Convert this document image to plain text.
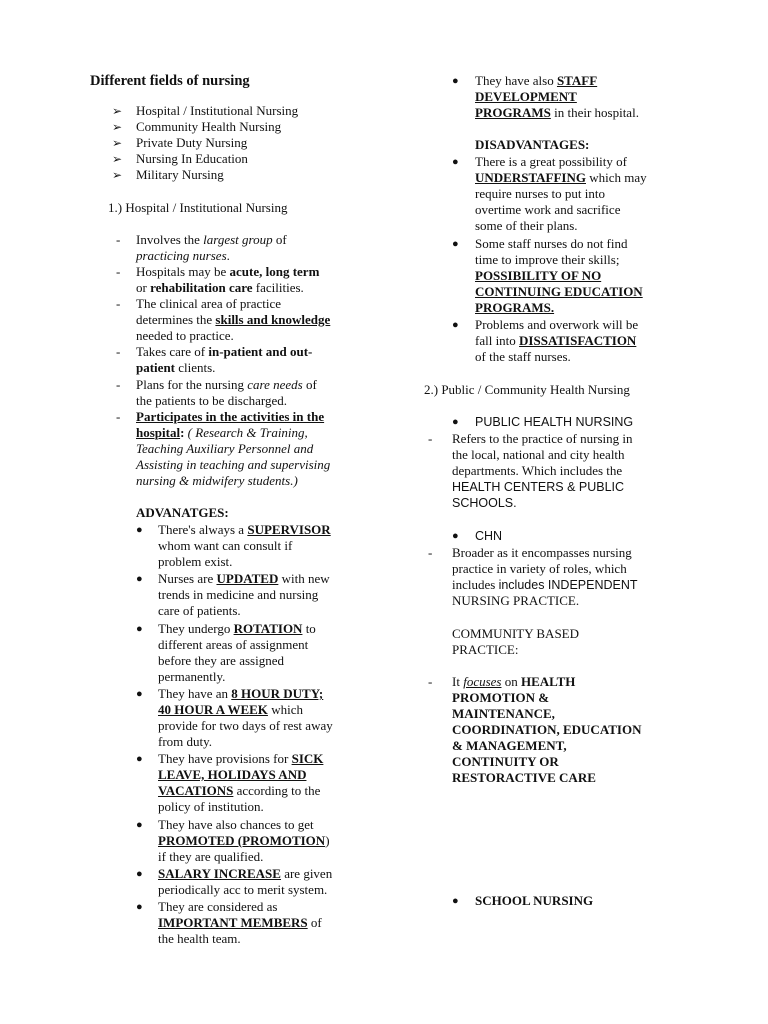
Different fields of nursing
➢ Hospital / Institutional Nursing
➢ Community Health Nursing
➢ Private Duty Nursing
➢ Nursing In Education
➢ Military Nursing
1.) Hospital / Institutional Nursing
- Involves the largest group of
practicing nurses.
- Hospitals may be acute, long term
or rehabilitation care facilities.
- The clinical area of practice
determines the skills and knowledge
needed to practice.
- Takes care of in-patient and out-
patient clients.
- Plans for the nursing care needs of
the patients to be discharged.
- Participates in the activities in the
hospital: ( Research & Training,
Teaching Auxiliary Personnel and
Assisting in teaching and supervising
nursing & midwifery students.)
ADVANATGES:
● There's always a SUPERVISOR
whom want can consult if
problem exist.
● Nurses are UPDATED with new
trends in medicine and nursing
care of patients.
● They undergo ROTATION to
different areas of assignment
before they are assigned
permanently.
● They have an 8 HOUR DUTY;
40 HOUR A WEEK which
provide for two days of rest away
from duty.
● They have provisions for SICK
LEAVE, HOLIDAYS AND
VACATIONS according to the
policy of institution.
● They have also chances to get
PROMOTED (PROMOTION)
if they are qualified.
● SALARY INCREASE are given
periodically acc to merit system.
● They are considered as
IMPORTANT MEMBERS of
the health team.
● They have also STAFF
DEVELOPMENT
PROGRAMS in their hospital.
DISADVANTAGES:
● There is a great possibility of
UNDERSTAFFING which may
require nurses to put into
overtime work and sacrifice
some of their plans.
● Some staff nurses do not find
time to improve their skills;
POSSIBILITY OF NO
CONTINUING EDUCATION
PROGRAMS.
● Problems and overwork will be
fall into DISSATISFACTION
of the staff nurses.
2.) Public / Community Health Nursing
● PUBLIC HEALTH NURSING
- Refers to the practice of nursing in
the local, national and city health
departments. Which includes the
HEALTH CENTERS & PUBLIC
SCHOOLS.
● CHN
- Broader as it encompasses nursing
practice in variety of roles, which
includes includes INDEPENDENT
NURSING PRACTICE.
COMMUNITY BASED
PRACTICE:
- It focuses on HEALTH
PROMOTION &
MAINTENANCE,
COORDINATION, EDUCATION
& MANAGEMENT,
CONTINUITY OR
RESTORACTIVE CARE
● SCHOOL NURSING
